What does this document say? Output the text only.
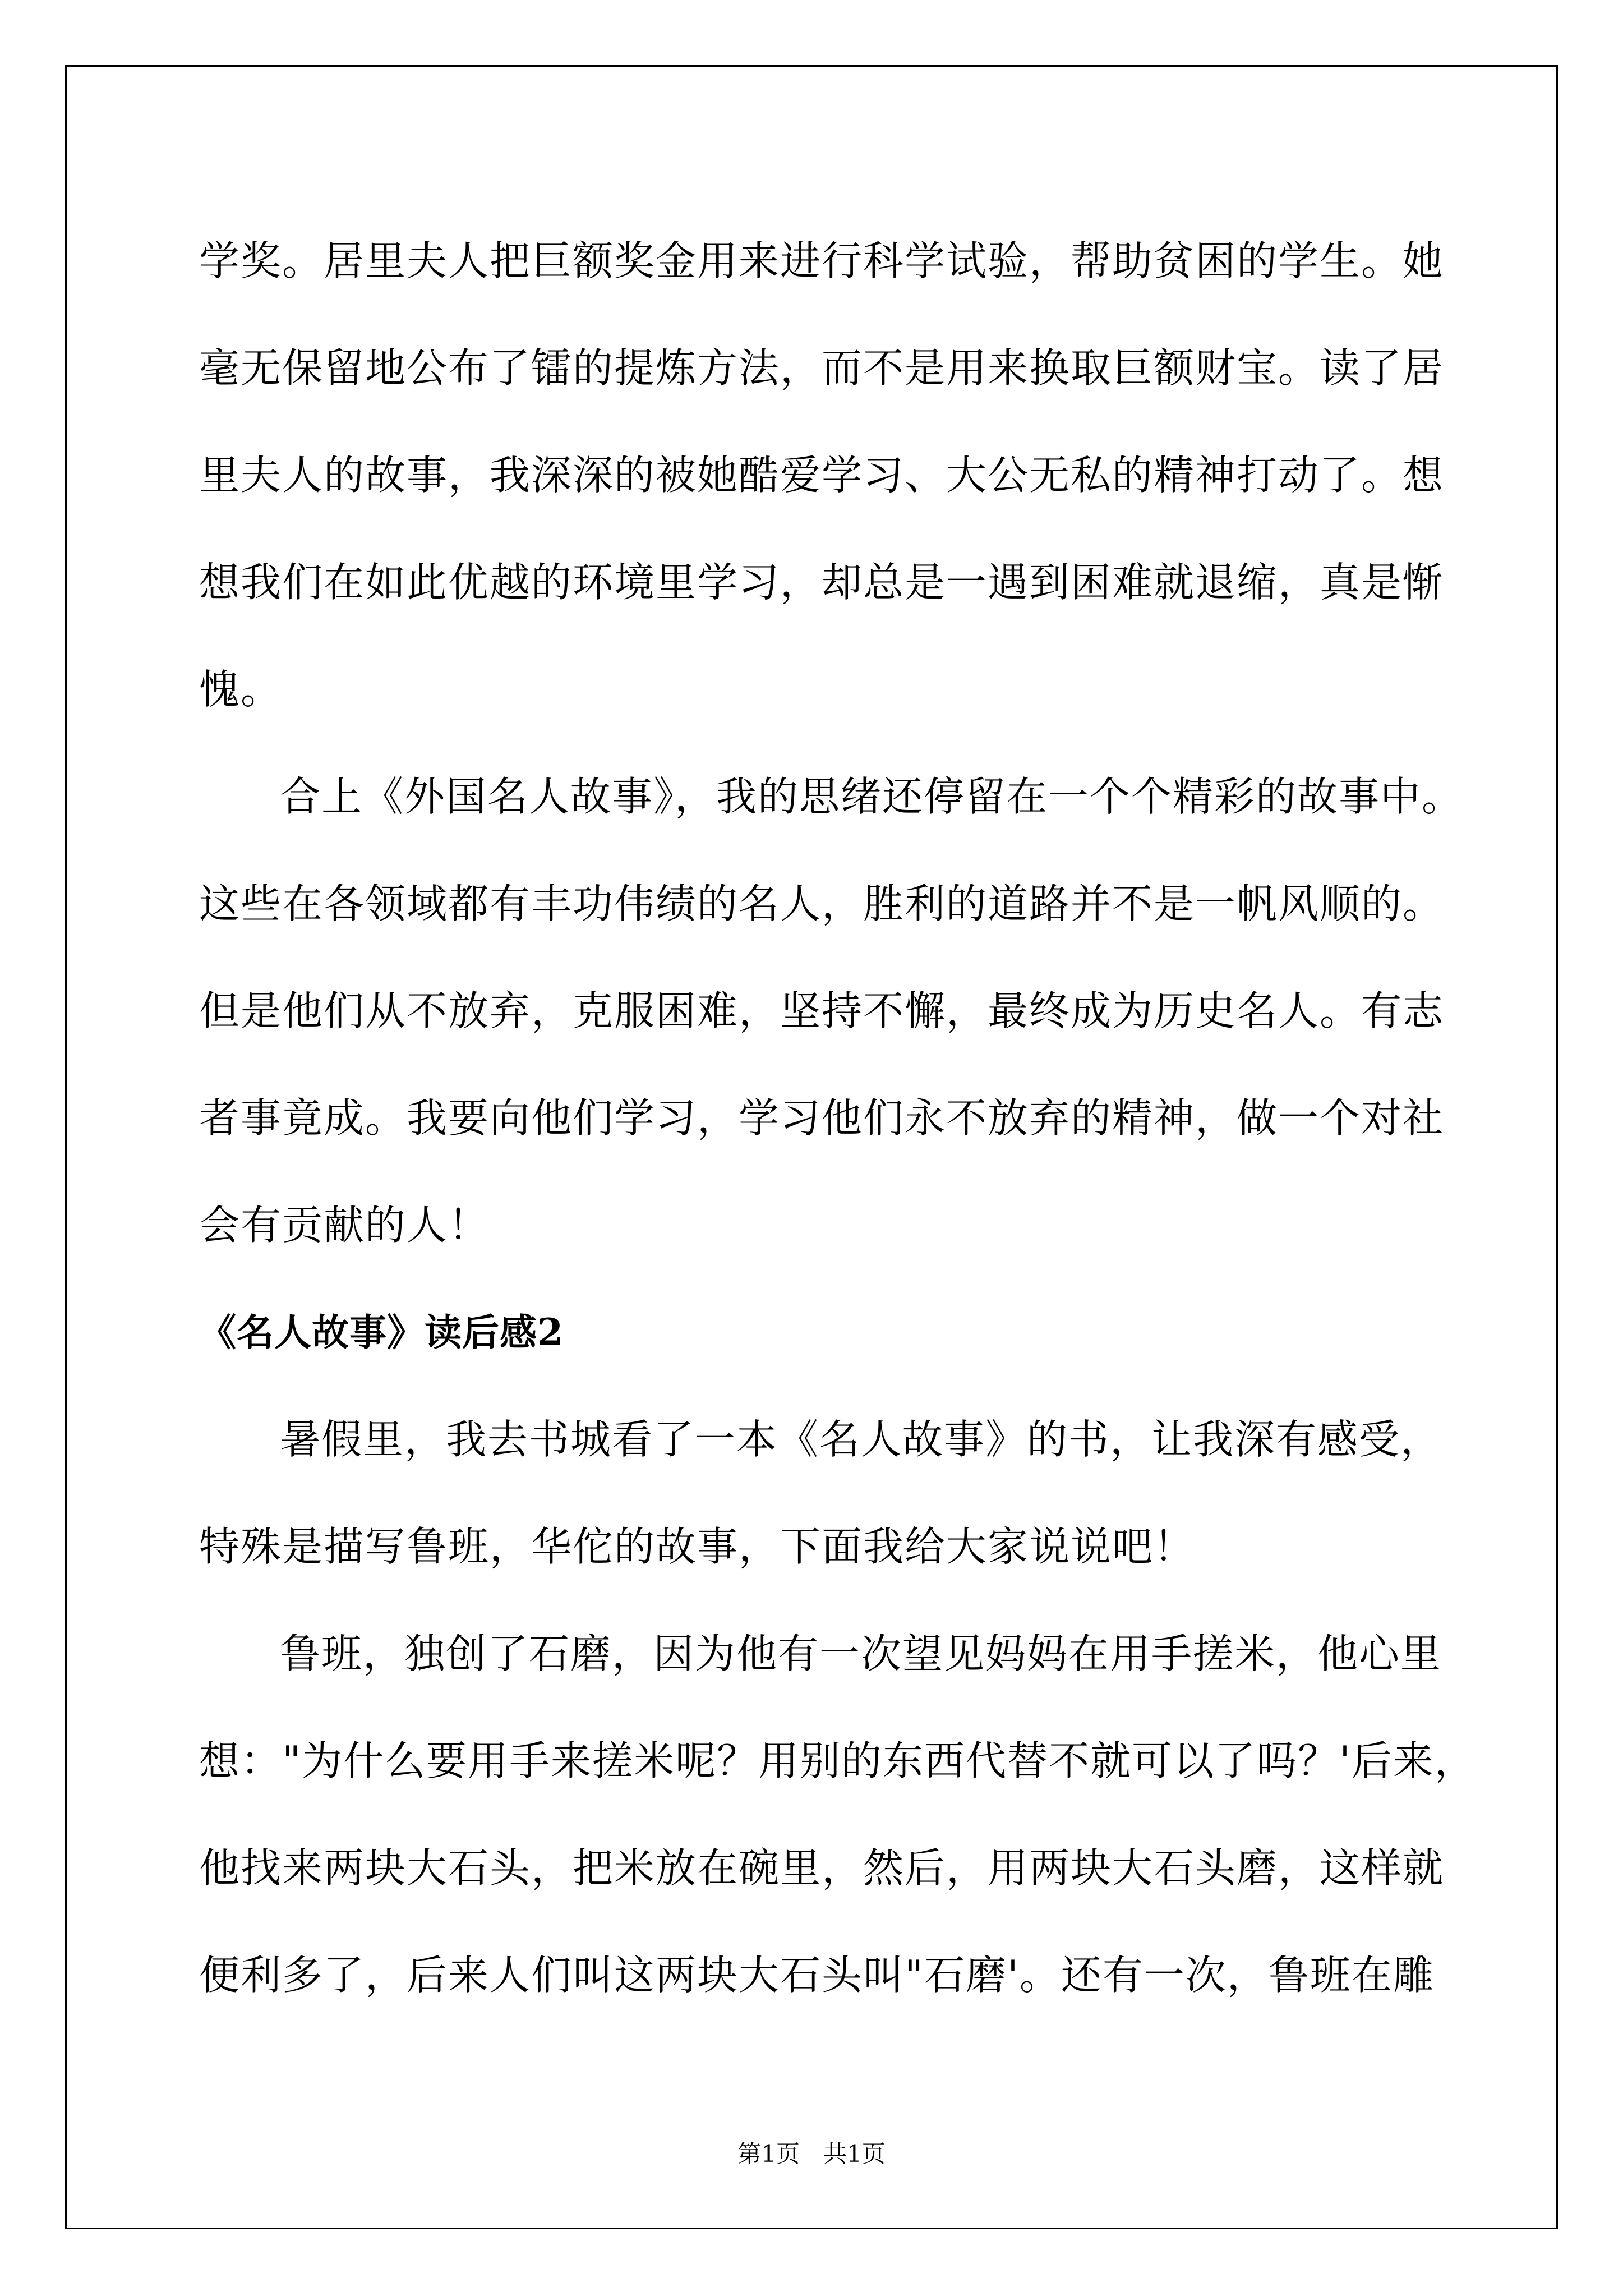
学奖。居里夫人把巨额奖金用来进行科学试验，帮助贫困的学生。她
毫无保留地公布了镭的提炼方法，而不是用来换取巨额财宝。读了居
里夫人的故事，我深深的被她酷爱学习、大公无私的精神打动了。想
想我们在如此优越的环境里学习，却总是一遇到困难就退缩，真是惭
愧。

合上《外国名人故事》，我的思绪还停留在一个个精彩的故事中。
这些在各领域都有丰功伟绩的名人，胜利的道路并不是一帆风顺的。
但是他们从不放弃，克服困难，坚持不懈，最终成为历史名人。有志
者事竟成。我要向他们学习，学习他们永不放弃的精神，做一个对社
会有贡献的人！

《名人故事》读后感2

暑假里，我去书城看了一本《名人故事》的书，让我深有感受，
特殊是描写鲁班，华佗的故事，下面我给大家说说吧！

鲁班，独创了石磨，因为他有一次望见妈妈在用手搓米，他心里
想："为什么要用手来搓米呢？用别的东西代替不就可以了吗？'后来，
他找来两块大石头，把米放在碗里，然后，用两块大石头磨，这样就
便利多了，后来人们叫这两块大石头叫"石磨'。还有一次，鲁班在雕

第1页 共1页
